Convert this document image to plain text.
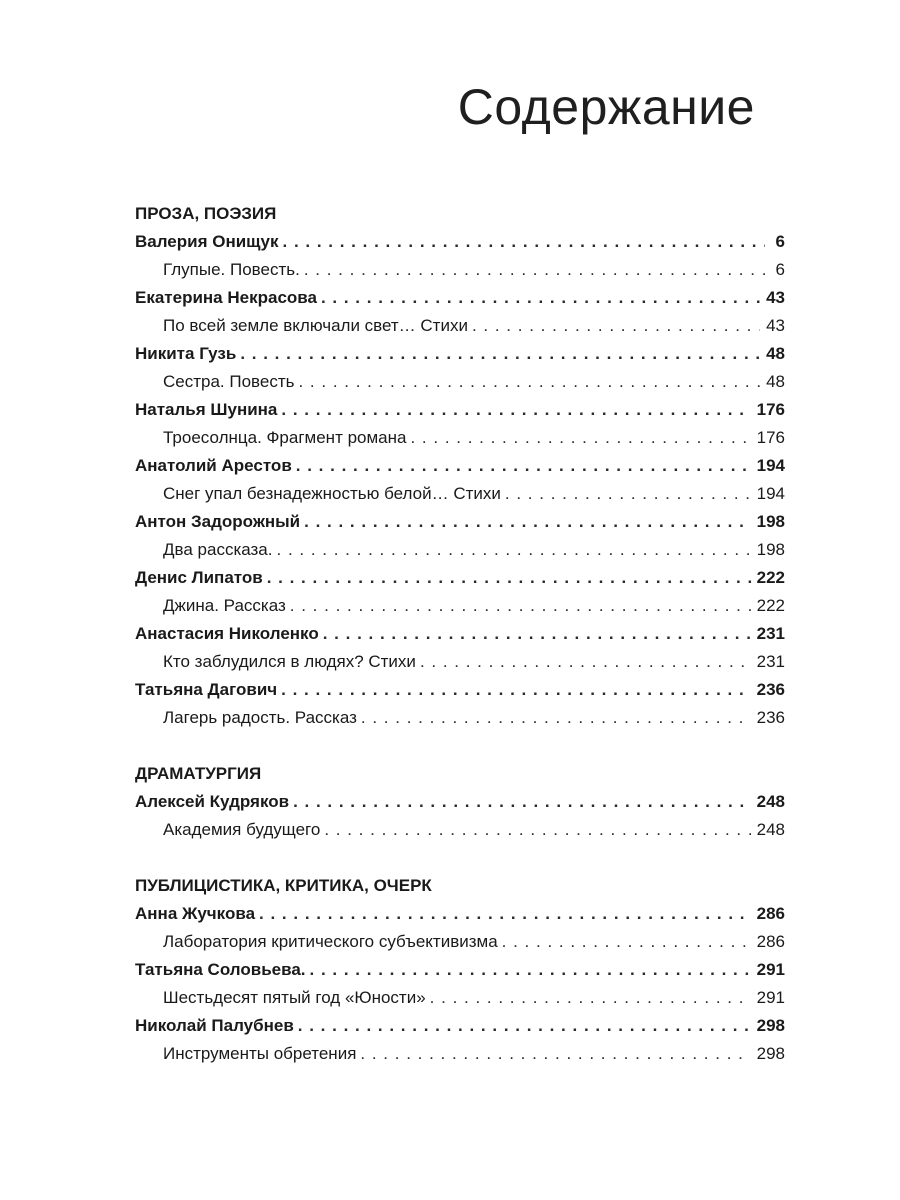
Содержание
ПРОЗА, ПОЭЗИЯ
Валерия Онищук . . .	6
Глупые. Повесть. . . .	6
Екатерина Некрасова . . .	43
По всей земле включали свет… Стихи . . .	43
Никита Гузь . . .	48
Сестра. Повесть . . .	48
Наталья Шунина . . .	176
Троесолнца. Фрагмент романа . . .	176
Анатолий Арестов . . .	194
Снег упал безнадежностью белой… Стихи . . .	194
Антон Задорожный . . .	198
Два рассказа. . . .	198
Денис Липатов . . .	222
Джина. Рассказ . . .	222
Анастасия Николенко . . .	231
Кто заблудился в людях? Стихи . . .	231
Татьяна Дагович . . .	236
Лагерь радость. Рассказ . . .	236
ДРАМАТУРГИЯ
Алексей Кудряков . . .	248
Академия будущего . . .	248
ПУБЛИЦИСТИКА, КРИТИКА, ОЧЕРК
Анна Жучкова . . .	286
Лаборатория критического субъективизма . . .	286
Татьяна Соловьева. . . .	291
Шестьдесят пятый год «Юности» . . .	291
Николай Палубнев . . .	298
Инструменты обретения . . .	298
